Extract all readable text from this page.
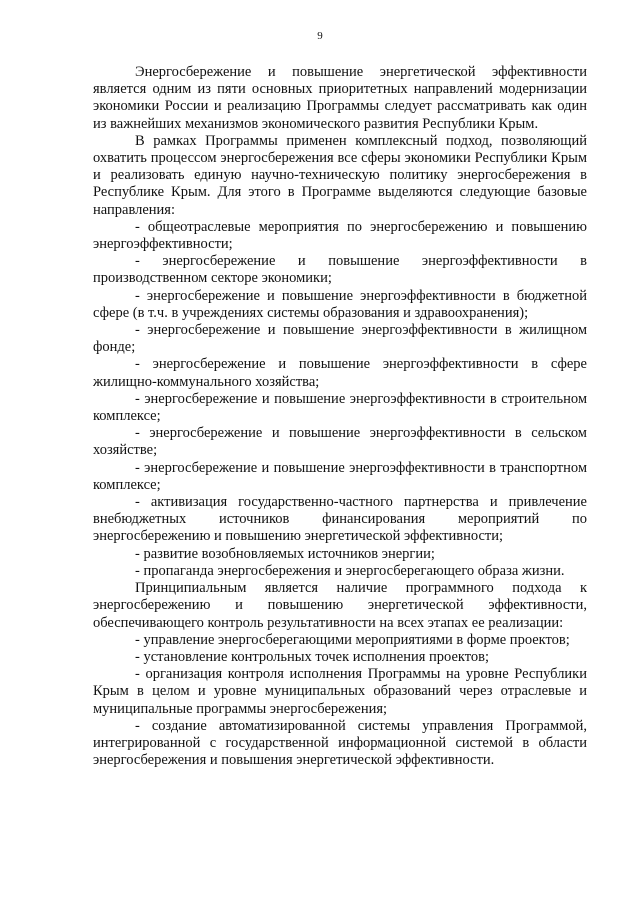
9

Энергосбережение и повышение энергетической эффективности является одним из пяти основных приоритетных направлений модернизации экономики России и реализацию Программы следует рассматривать как один из важнейших механизмов экономического развития Республики Крым.

В рамках Программы применен комплексный подход, позволяющий охватить процессом энергосбережения все сферы экономики Республики Крым и реализовать единую научно-техническую политику энергосбережения в Республике Крым. Для этого в Программе выделяются следующие базовые направления:

- общеотраслевые мероприятия по энергосбережению и повышению энергоэффективности;

- энергосбережение и повышение энергоэффективности в производственном секторе экономики;

- энергосбережение и повышение энергоэффективности в бюджетной сфере (в т.ч. в учреждениях системы образования и здравоохранения);

- энергосбережение и повышение энергоэффективности в жилищном фонде;

- энергосбережение и повышение энергоэффективности в сфере жилищно-коммунального хозяйства;

- энергосбережение и повышение энергоэффективности в строительном комплексе;

- энергосбережение и повышение энергоэффективности в сельском хозяйстве;

- энергосбережение и повышение энергоэффективности в транспортном комплексе;

- активизация государственно-частного партнерства и привлечение внебюджетных источников финансирования мероприятий по энергосбережению и повышению энергетической эффективности;

- развитие возобновляемых источников энергии;

- пропаганда энергосбережения и энергосберегающего образа жизни.

Принципиальным является наличие программного подхода к энергосбережению и повышению энергетической эффективности, обеспечивающего контроль результативности на всех этапах ее реализации:

- управление энергосберегающими мероприятиями в форме проектов;

- установление контрольных точек исполнения проектов;

- организация контроля исполнения Программы на уровне Республики Крым в целом и уровне муниципальных образований через отраслевые и муниципальные программы энергосбережения;

- создание автоматизированной системы управления Программой, интегрированной с государственной информационной системой в области энергосбережения и повышения энергетической эффективности.
